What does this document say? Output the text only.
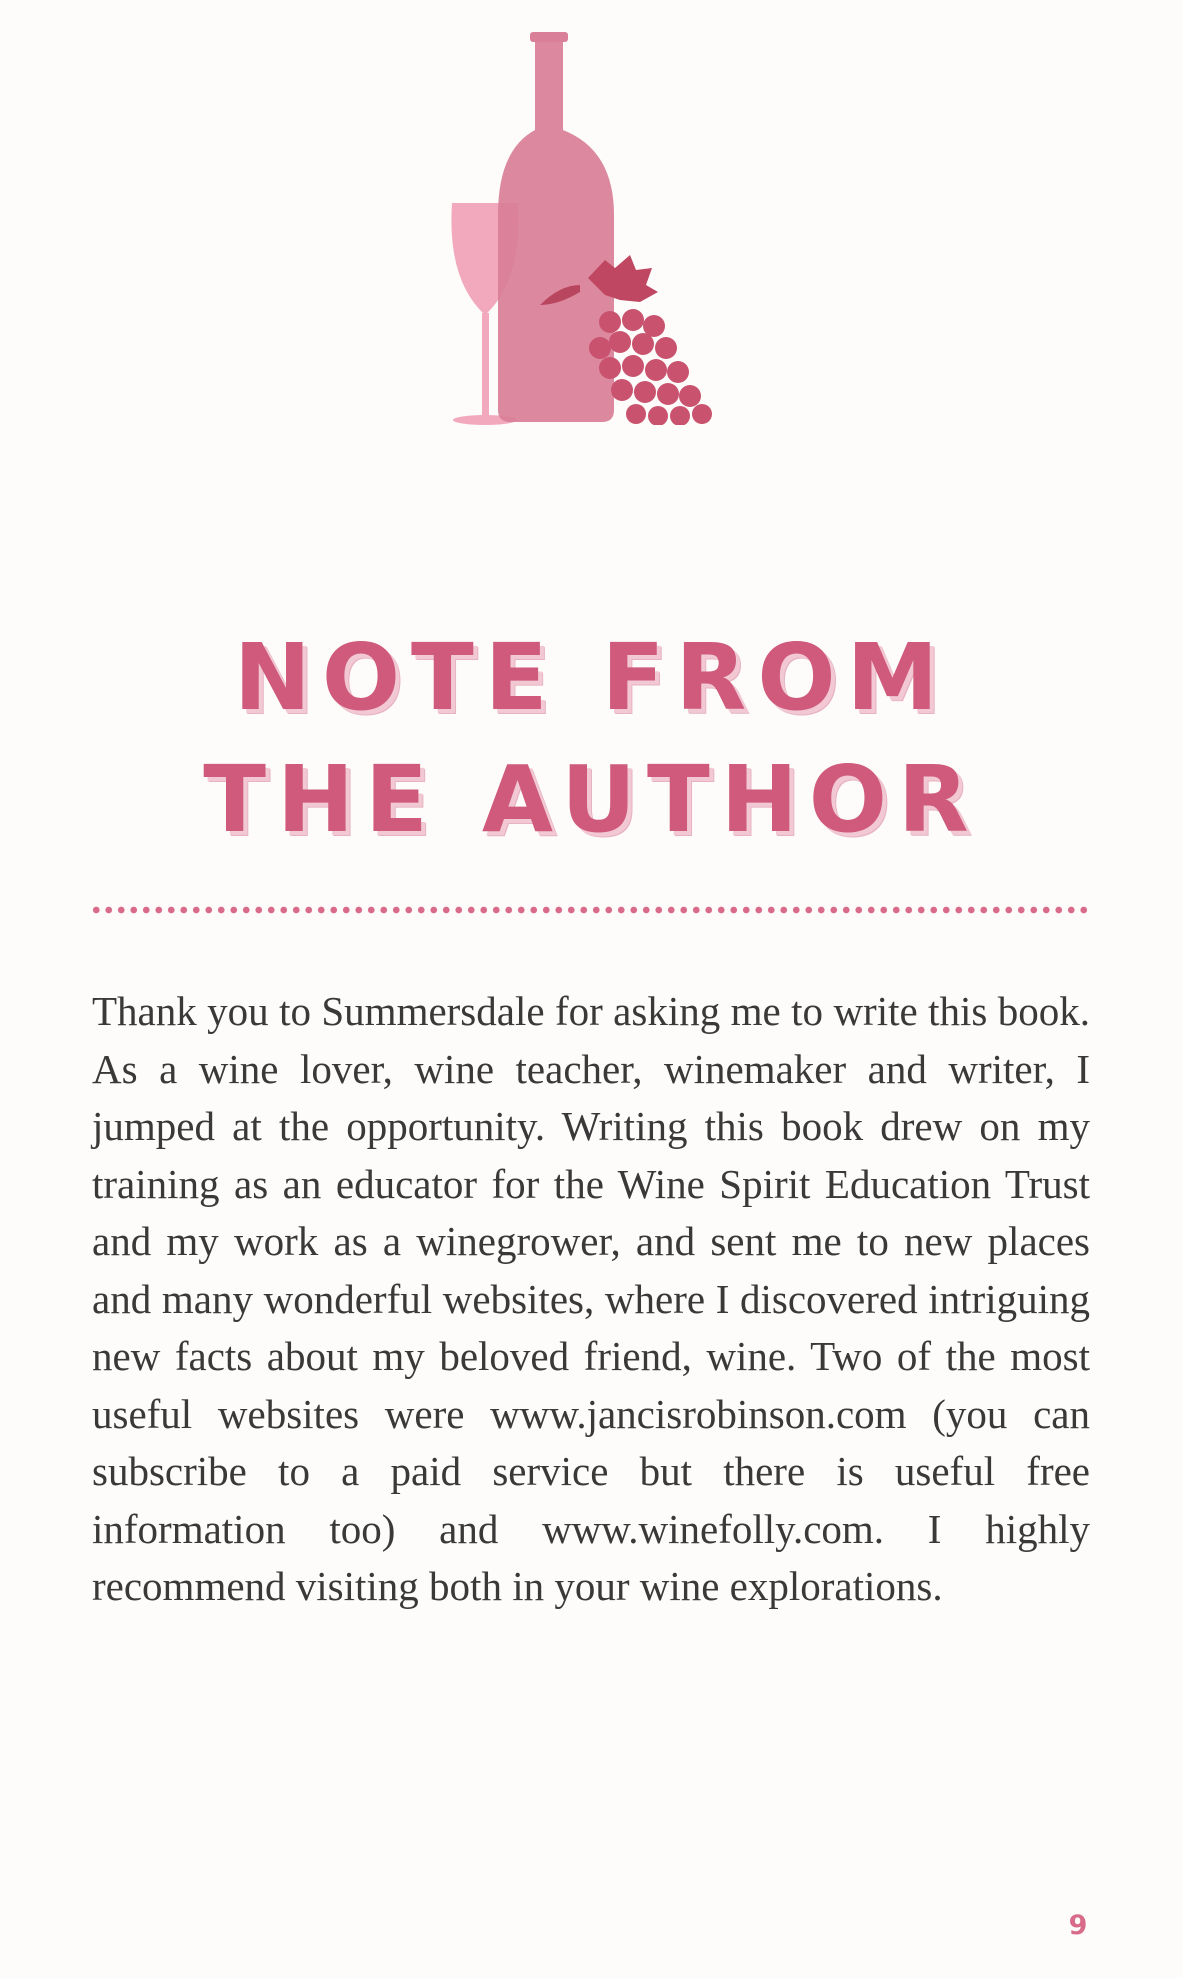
NOTE FROM
THE AUTHOR

Thank you to Summersdale for asking me to write this book. As a wine lover, wine teacher, winemaker and writer, I jumped at the opportunity. Writing this book drew on my training as an educator for the Wine Spirit Education Trust and my work as a winegrower, and sent me to new places and many wonderful websites, where I discovered intriguing new facts about my beloved friend, wine. Two of the most useful websites were www.jancisrobinson.com (you can subscribe to a paid service but there is useful free information too) and www.winefolly.com. I highly recommend visiting both in your wine explorations.

9
